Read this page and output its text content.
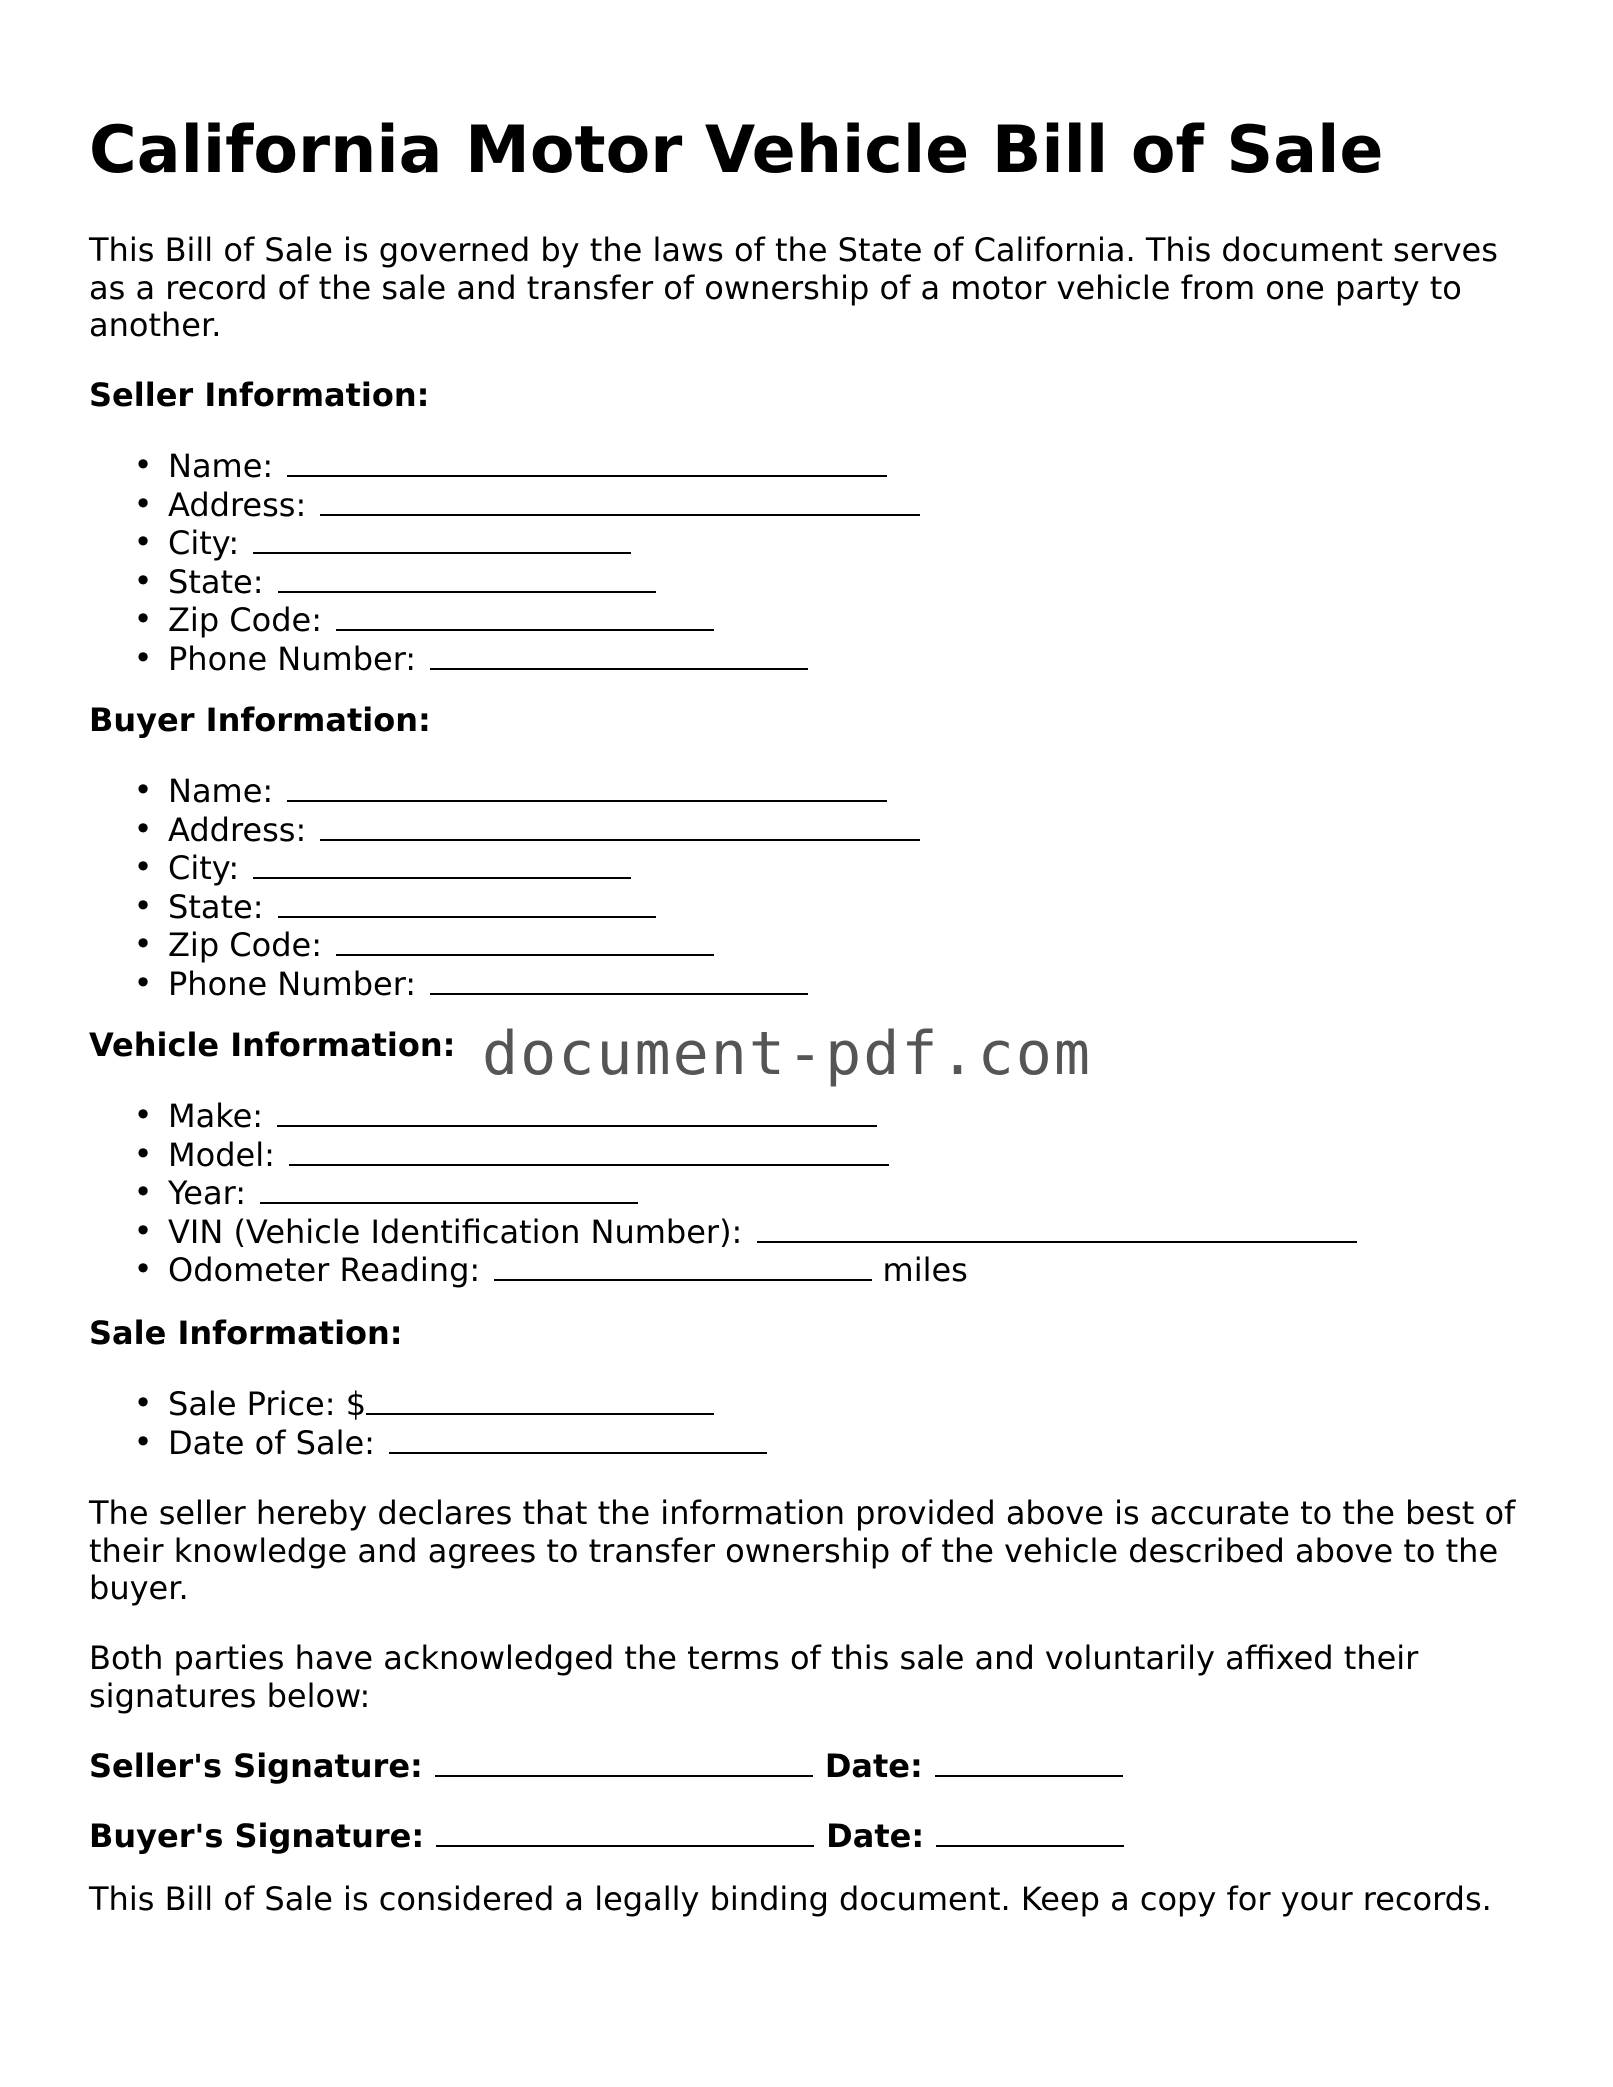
California Motor Vehicle Bill of Sale

This Bill of Sale is governed by the laws of the State of California. This document serves as a record of the sale and transfer of ownership of a motor vehicle from one party to another.

Seller Information:

• Name:
• Address:
• City:
• State:
• Zip Code:
• Phone Number:

Buyer Information:

• Name:
• Address:
• City:
• State:
• Zip Code:
• Phone Number:

Vehicle Information:

• Make:
• Model:
• Year:
• VIN (Vehicle Identification Number):
• Odometer Reading:	miles

Sale Information:

• Sale Price: $
• Date of Sale:

The seller hereby declares that the information provided above is accurate to the best of their knowledge and agrees to transfer ownership of the vehicle described above to the buyer.

Both parties have acknowledged the terms of this sale and voluntarily affixed their signatures below:

Seller's Signature:	Date:

Buyer's Signature:	Date:

This Bill of Sale is considered a legally binding document. Keep a copy for your records.

document-pdf.com
